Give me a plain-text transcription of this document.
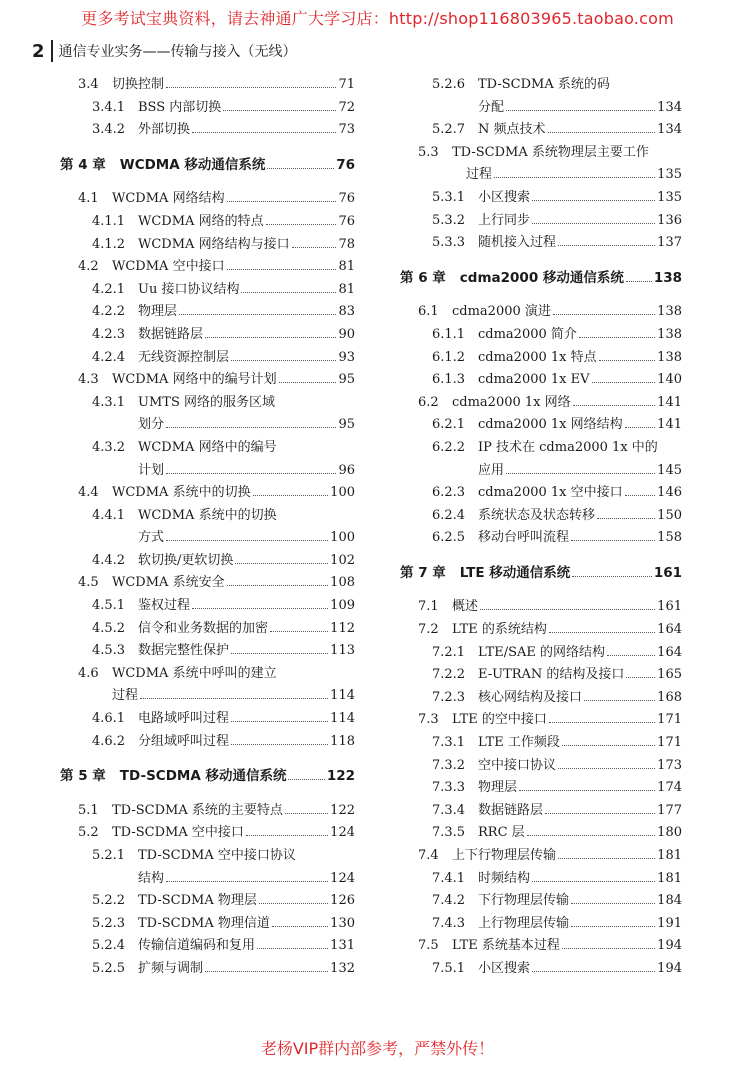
更多考试宝典资料，请去神通广大学习店：http://shop116803965.taobao.com
2 通信专业实务——传输与接入（无线）
3.4	切换控制	71
3.4.1 BSS 内部切换	72
3.4.2 外部切换	73
第 4 章 WCDMA 移动通信系统	76
4.1	WCDMA 网络结构	76
4.1.1 WCDMA 网络的特点	76
4.1.2 WCDMA 网络结构与接口	78
4.2	WCDMA 空中接口	81
4.2.1 Uu 接口协议结构	81
4.2.2 物理层	83
4.2.3 数据链路层	90
4.2.4 无线资源控制层	93
4.3	WCDMA 网络中的编号计划	95
4.3.1 UMTS 网络的服务区域
划分	95
4.3.2 WCDMA 网络中的编号
计划	96
4.4	WCDMA 系统中的切换	100
4.4.1 WCDMA 系统中的切换
方式	100
4.4.2 软切换/更软切换	102
4.5	WCDMA 系统安全	108
4.5.1 鉴权过程	109
4.5.2 信令和业务数据的加密	112
4.5.3 数据完整性保护	113
4.6	WCDMA 系统中呼叫的建立
过程	114
4.6.1 电路域呼叫过程	114
4.6.2 分组域呼叫过程	118
第 5 章 TD-SCDMA 移动通信系统	122
5.1	TD-SCDMA 系统的主要特点	122
5.2	TD-SCDMA 空中接口	124
5.2.1 TD-SCDMA 空中接口协议
结构	124
5.2.2 TD-SCDMA 物理层	126
5.2.3 TD-SCDMA 物理信道	130
5.2.4 传输信道编码和复用	131
5.2.5 扩频与调制	132
5.2.6 TD-SCDMA 系统的码
分配	134
5.2.7 N 频点技术	134
5.3	TD-SCDMA 系统物理层主要工作
过程	135
5.3.1 小区搜索	135
5.3.2 上行同步	136
5.3.3 随机接入过程	137
第 6 章 cdma2000 移动通信系统 138
6.1	cdma2000 演进	138
6.1.1 cdma2000 简介	138
6.1.2 cdma2000 1x 特点	138
6.1.3 cdma2000 1x EV	140
6.2	cdma2000 1x 网络	141
6.2.1 cdma2000 1x 网络结构	141
6.2.2 IP 技术在 cdma2000 1x 中的
应用	145
6.2.3 cdma2000 1x 空中接口	146
6.2.4 系统状态及状态转移	150
6.2.5 移动台呼叫流程	158
第 7 章 LTE 移动通信系统	161
7.1	概述	161
7.2	LTE 的系统结构	164
7.2.1 LTE/SAE 的网络结构	164
7.2.2 E-UTRAN 的结构及接口	165
7.2.3 核心网结构及接口	168
7.3	LTE 的空中接口	171
7.3.1 LTE 工作频段	171
7.3.2 空中接口协议	173
7.3.3 物理层	174
7.3.4 数据链路层	177
7.3.5 RRC 层	180
7.4	上下行物理层传输	181
7.4.1 时频结构	181
7.4.2 下行物理层传输	184
7.4.3 上行物理层传输	191
7.5	LTE 系统基本过程	194
7.5.1 小区搜索	194
老杨VIP群内部参考，严禁外传！
